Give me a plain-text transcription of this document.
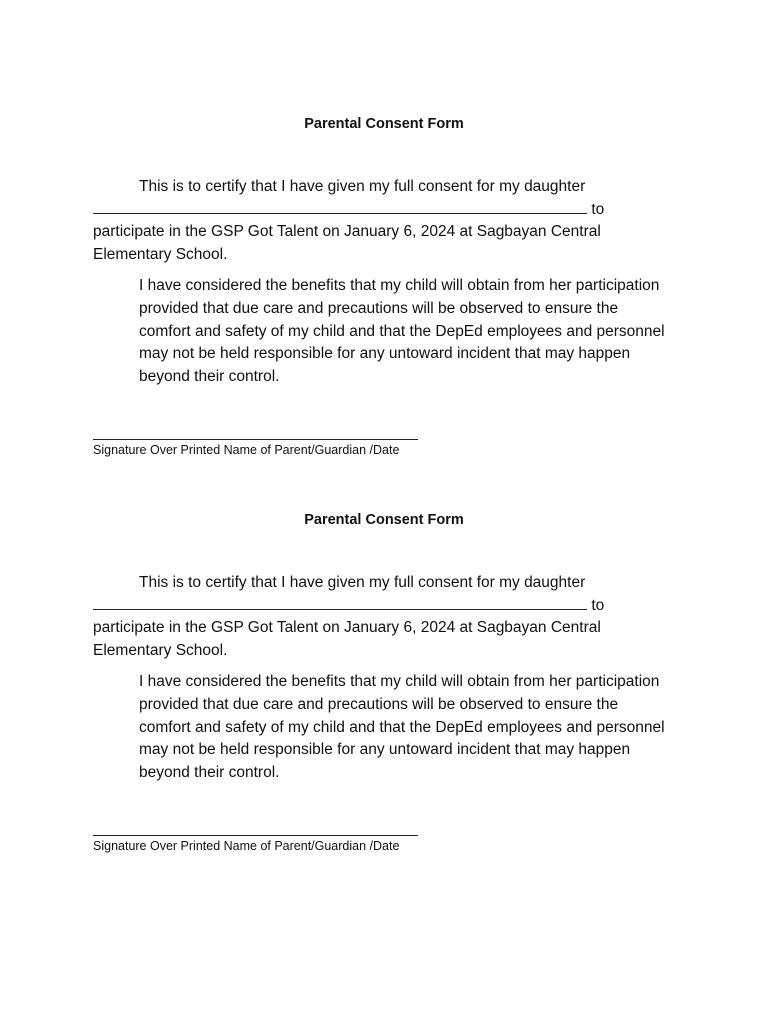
Parental Consent Form

This is to certify that I have given my full consent for my daughter

to

participate in the GSP Got Talent on January 6, 2024 at Sagbayan Central Elementary School.

I have considered the benefits that my child will obtain from her participation provided that due care and precautions will be observed to ensure the comfort and safety of my child and that the DepEd employees and personnel may not be held responsible for any untoward incident that may happen beyond their control.

Signature Over Printed Name of Parent/Guardian /Date
Parental Consent Form

This is to certify that I have given my full consent for my daughter

to

participate in the GSP Got Talent on January 6, 2024 at Sagbayan Central Elementary School.

I have considered the benefits that my child will obtain from her participation provided that due care and precautions will be observed to ensure the comfort and safety of my child and that the DepEd employees and personnel may not be held responsible for any untoward incident that may happen beyond their control.

Signature Over Printed Name of Parent/Guardian /Date
